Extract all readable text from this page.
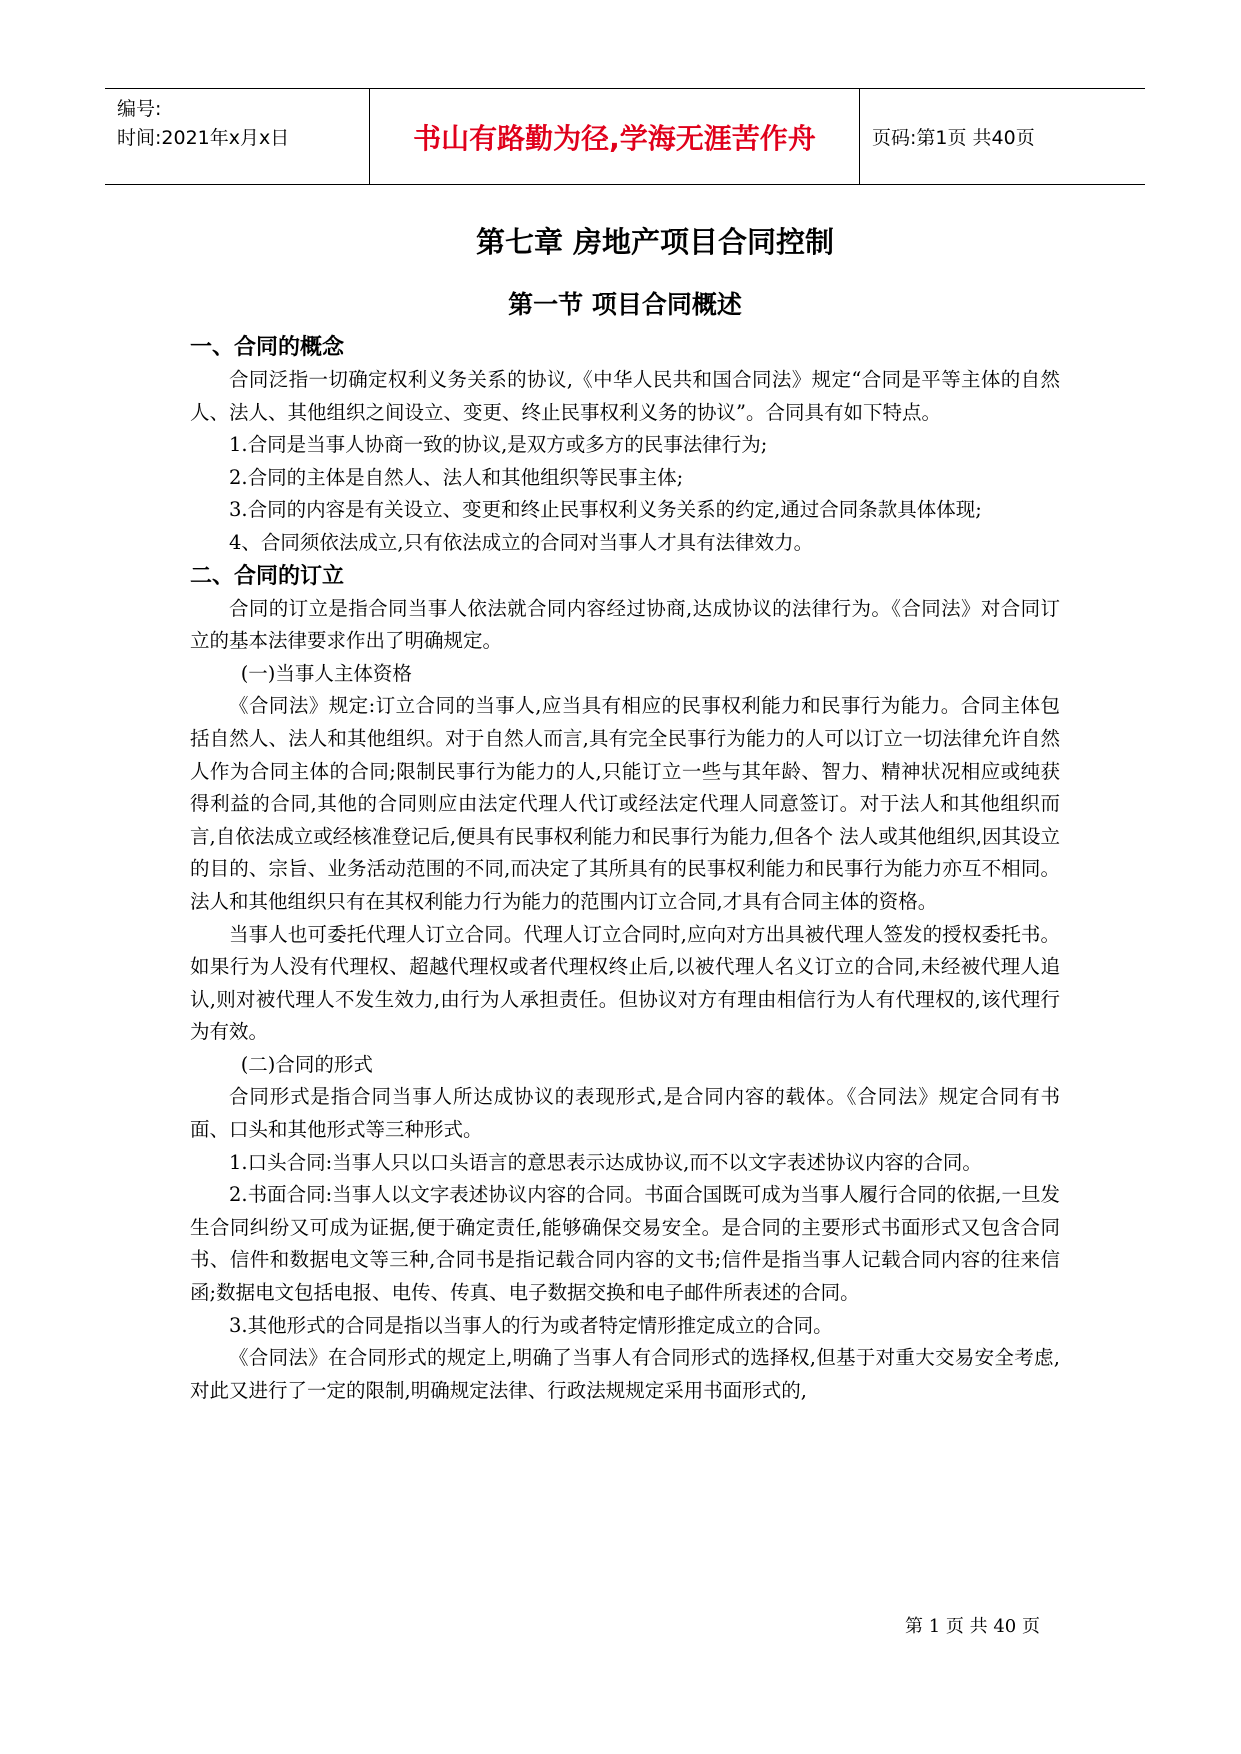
编号:
时间:2021年x月x日	书山有路勤为径,学海无涯苦作舟	页码:第1页 共40页
第七章 房地产项目合同控制
第一节 项目合同概述

一、合同的概念

合同泛指一切确定权利义务关系的协议,《中华人民共和国合同法》规定“合同是平等主体的自然人、法人、其他组织之间设立、变更、终止民事权利义务的协议”。合同具有如下特点。

1.合同是当事人协商一致的协议,是双方或多方的民事法律行为;

2.合同的主体是自然人、法人和其他组织等民事主体;

3.合同的内容是有关设立、变更和终止民事权利义务关系的约定,通过合同条款具体体现;

4、合同须依法成立,只有依法成立的合同对当事人才具有法律效力。

二、合同的订立

合同的订立是指合同当事人依法就合同内容经过协商,达成协议的法律行为。《合同法》对合同订立的基本法律要求作出了明确规定。

(一)当事人主体资格

《合同法》规定:订立合同的当事人,应当具有相应的民事权利能力和民事行为能力。合同主体包括自然人、法人和其他组织。对于自然人而言,具有完全民事行为能力的人可以订立一切法律允许自然人作为合同主体的合同;限制民事行为能力的人,只能订立一些与其年龄、智力、精神状况相应或纯获得利益的合同,其他的合同则应由法定代理人代订或经法定代理人同意签订。对于法人和其他组织而言,自依法成立或经核准登记后,便具有民事权利能力和民事行为能力,但各个 法人或其他组织,因其设立的目的、宗旨、业务活动范围的不同,而决定了其所具有的民事权利能力和民事行为能力亦互不相同。法人和其他组织只有在其权利能力行为能力的范围内订立合同,才具有合同主体的资格。

当事人也可委托代理人订立合同。代理人订立合同时,应向对方出具被代理人签发的授权委托书。如果行为人没有代理权、超越代理权或者代理权终止后,以被代理人名义订立的合同,未经被代理人追认,则对被代理人不发生效力,由行为人承担责任。但协议对方有理由相信行为人有代理权的,该代理行为有效。

(二)合同的形式

合同形式是指合同当事人所达成协议的表现形式,是合同内容的载体。《合同法》规定合同有书面、口头和其他形式等三种形式。

1.口头合同:当事人只以口头语言的意思表示达成协议,而不以文字表述协议内容的合同。

2.书面合同:当事人以文字表述协议内容的合同。书面合国既可成为当事人履行合同的依据,一旦发生合同纠纷又可成为证据,便于确定责任,能够确保交易安全。是合同的主要形式书面形式又包含合同书、信件和数据电文等三种,合同书是指记载合同内容的文书;信件是指当事人记载合同内容的往来信函;数据电文包括电报、电传、传真、电子数据交换和电子邮件所表述的合同。

3.其他形式的合同是指以当事人的行为或者特定情形推定成立的合同。

《合同法》在合同形式的规定上,明确了当事人有合同形式的选择权,但基于对重大交易安全考虑,对此又进行了一定的限制,明确规定法律、行政法规规定采用书面形式的,

第 1 页 共 40 页
